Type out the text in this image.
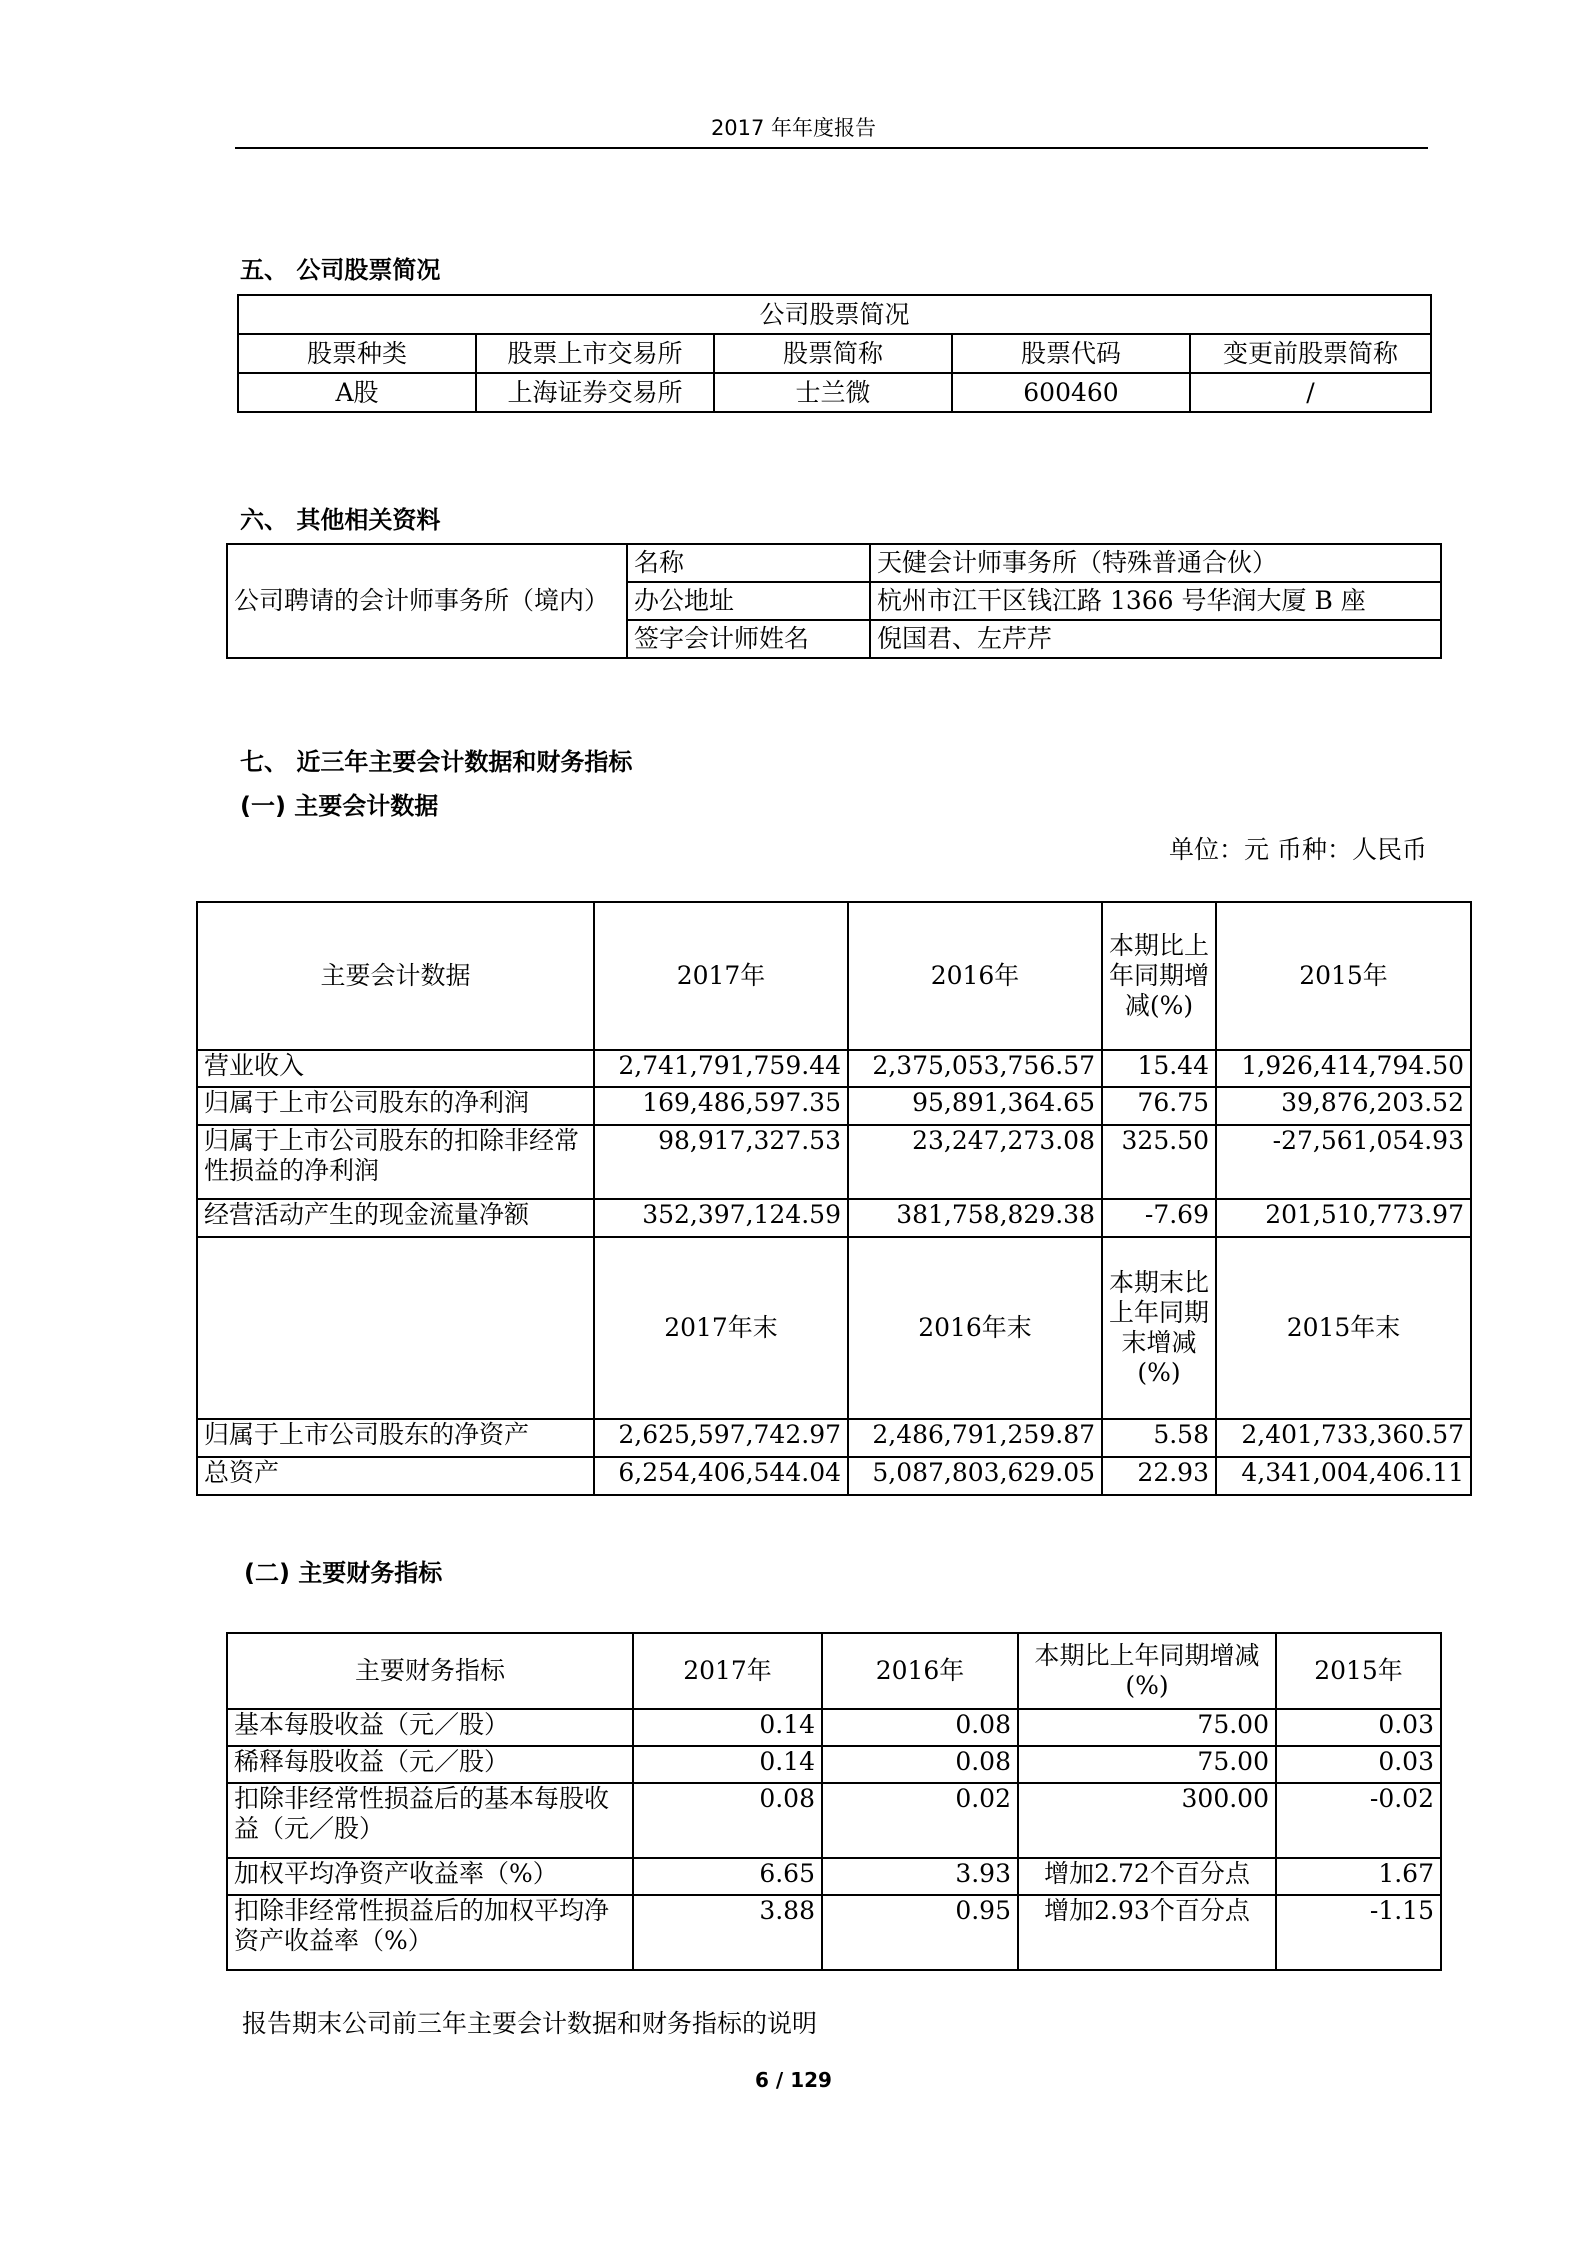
2017 年年度报告
五、 公司股票简况
公司股票简况				
股票种类	股票上市交易所	股票简称	股票代码	变更前股票简称
A股	上海证券交易所	士兰微	600460	/
六、 其他相关资料
公司聘请的会计师事务所（境内）	名称	天健会计师事务所（特殊普通合伙）
	办公地址	杭州市江干区钱江路 1366 号华润大厦 B 座
	签字会计师姓名	倪国君、左芹芹
七、 近三年主要会计数据和财务指标
(一) 主要会计数据
单位：元 币种：人民币
主要会计数据	2017年	2016年	本期比上年同期增减(%)	2015年
营业收入	2,741,791,759.44	2,375,053,756.57	15.44	1,926,414,794.50
归属于上市公司股东的净利润	169,486,597.35	95,891,364.65	76.75	39,876,203.52
归属于上市公司股东的扣除非经常性损益的净利润	98,917,327.53	23,247,273.08	325.50	-27,561,054.93
经营活动产生的现金流量净额	352,397,124.59	381,758,829.38	-7.69	201,510,773.97
	2017年末	2016年末	本期末比上年同期末增减(%)	2015年末
归属于上市公司股东的净资产	2,625,597,742.97	2,486,791,259.87	5.58	2,401,733,360.57
总资产	6,254,406,544.04	5,087,803,629.05	22.93	4,341,004,406.11
(二) 主要财务指标
主要财务指标	2017年	2016年	本期比上年同期增减(%)	2015年
基本每股收益（元／股）	0.14	0.08	75.00	0.03
稀释每股收益（元／股）	0.14	0.08	75.00	0.03
扣除非经常性损益后的基本每股收益（元／股）	0.08	0.02	300.00	-0.02
加权平均净资产收益率（%）	6.65	3.93	增加2.72个百分点	1.67
扣除非经常性损益后的加权平均净资产收益率（%）	3.88	0.95	增加2.93个百分点	-1.15
报告期末公司前三年主要会计数据和财务指标的说明
6 / 129
